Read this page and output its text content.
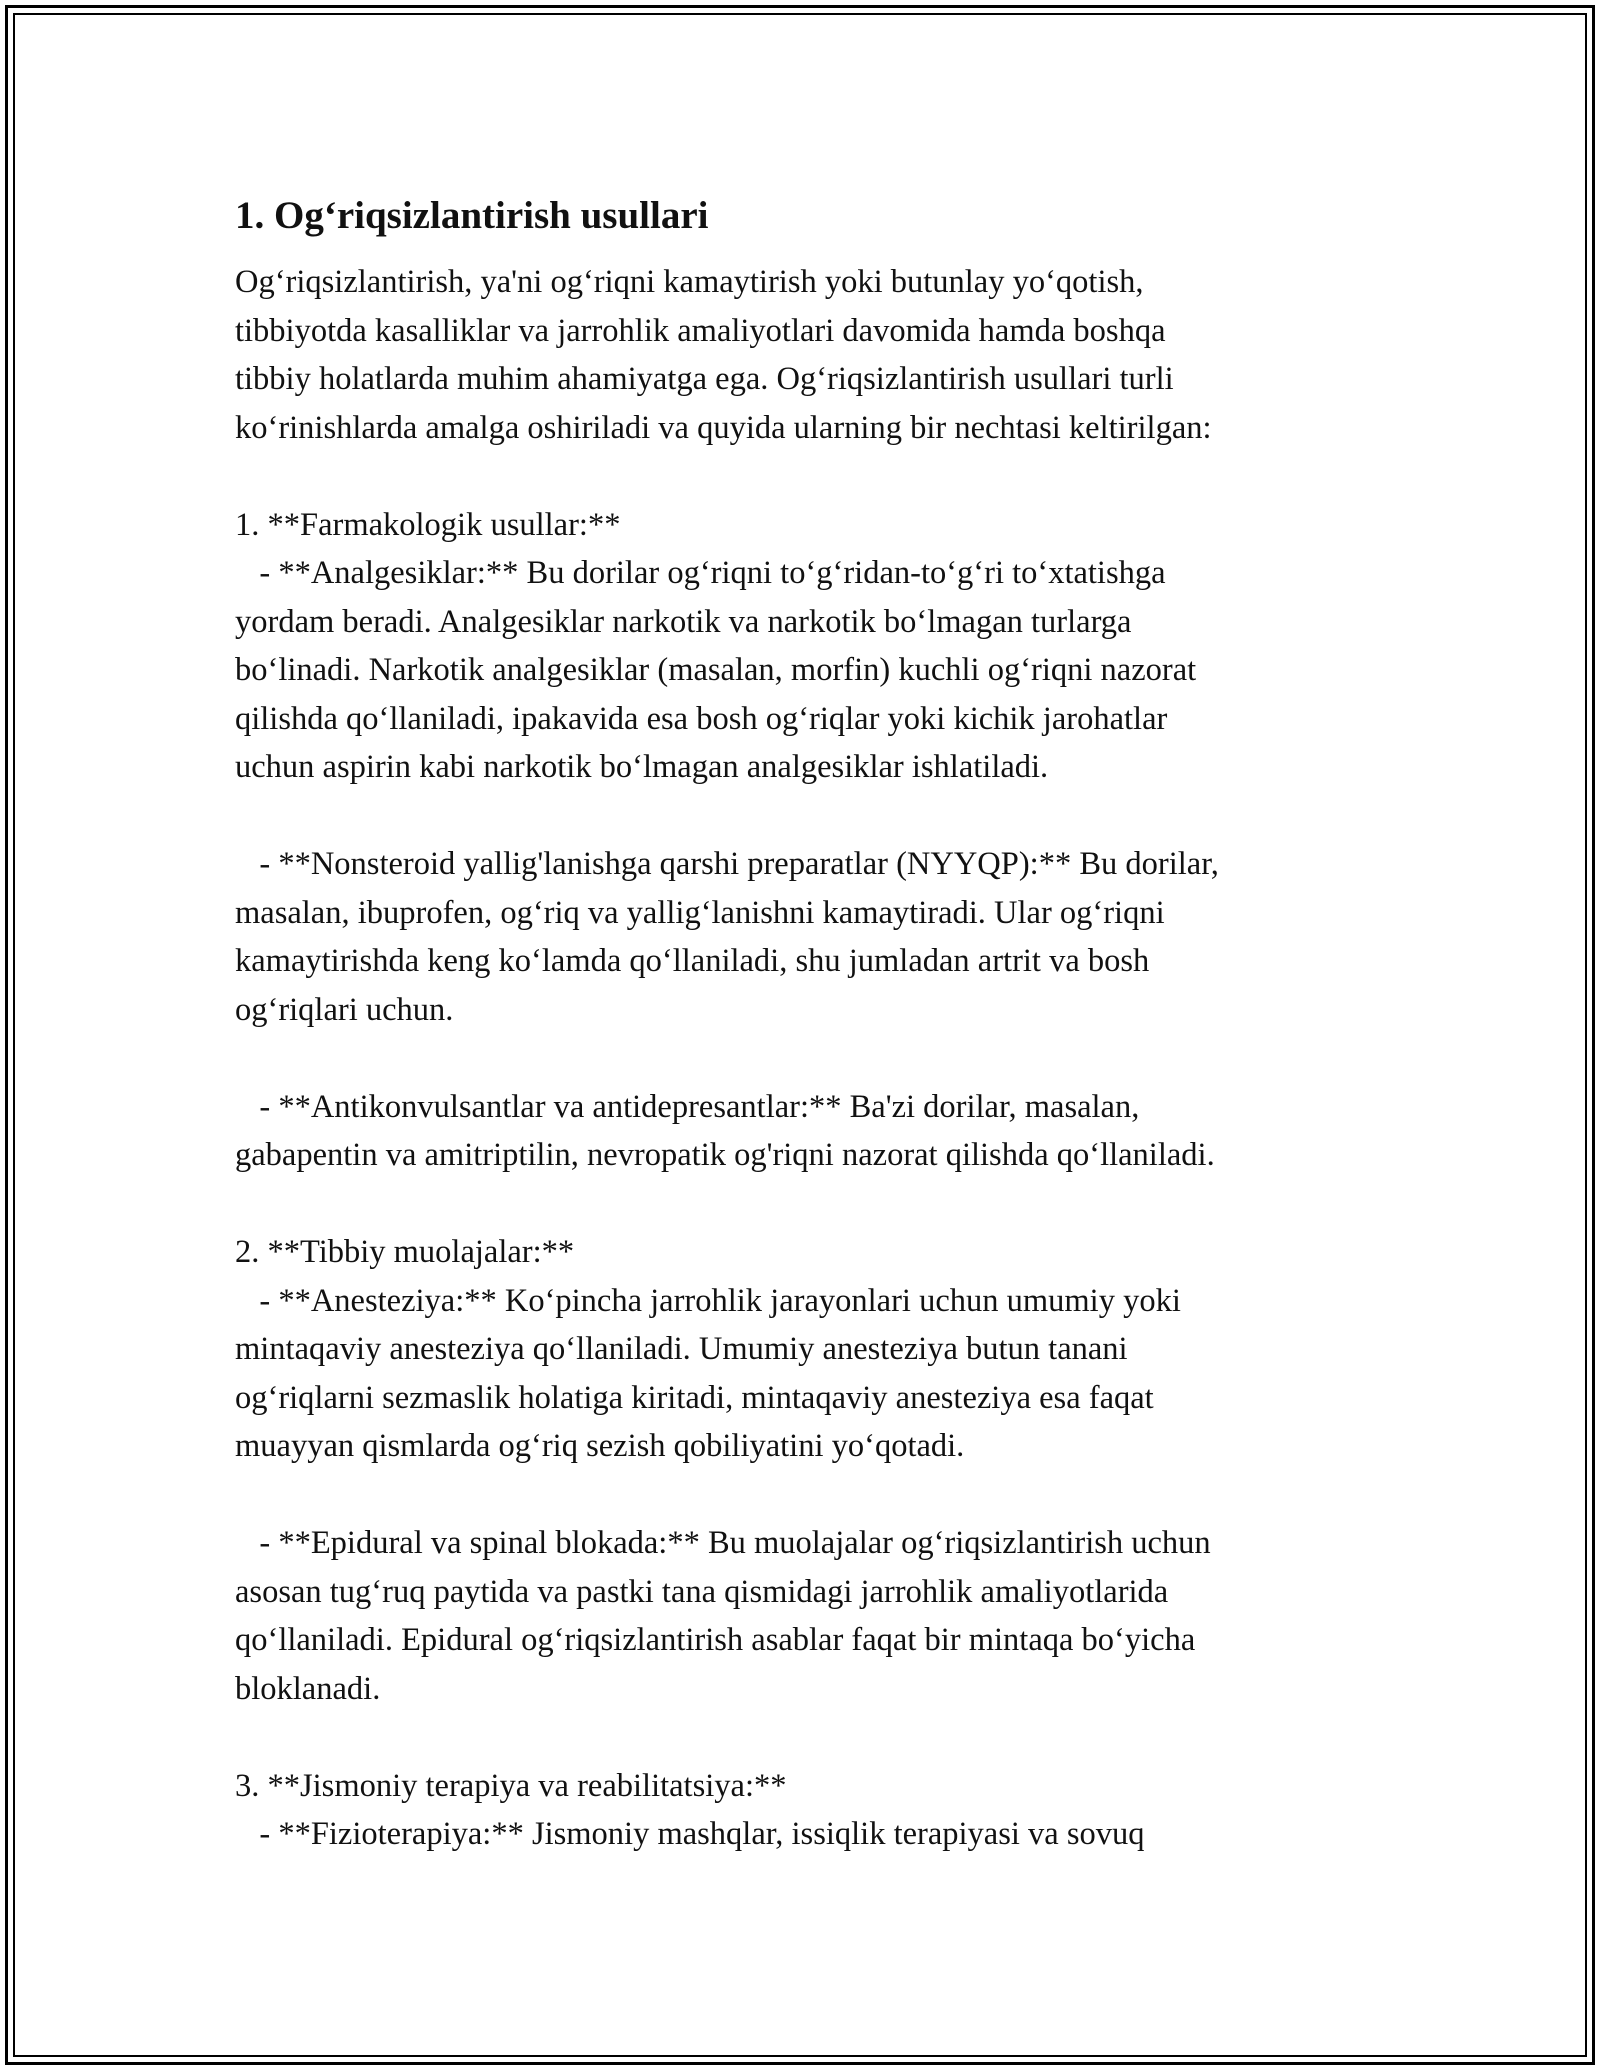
1. Og‘riqsizlantirish usullari
Og‘riqsizlantirish, ya'ni og‘riqni kamaytirish yoki butunlay yo‘qotish,
tibbiyotda kasalliklar va jarrohlik amaliyotlari davomida hamda boshqa
tibbiy holatlarda muhim ahamiyatga ega. Og‘riqsizlantirish usullari turli
ko‘rinishlarda amalga oshiriladi va quyida ularning bir nechtasi keltirilgan:
1. **Farmakologik usullar:**
- **Analgesiklar:** Bu dorilar og‘riqni to‘g‘ridan-to‘g‘ri to‘xtatishga
yordam beradi. Analgesiklar narkotik va narkotik bo‘lmagan turlarga
bo‘linadi. Narkotik analgesiklar (masalan, morfin) kuchli og‘riqni nazorat
qilishda qo‘llaniladi, ipakavida esa bosh og‘riqlar yoki kichik jarohatlar
uchun aspirin kabi narkotik bo‘lmagan analgesiklar ishlatiladi.
- **Nonsteroid yallig'lanishga qarshi preparatlar (NYYQP):** Bu dorilar,
masalan, ibuprofen, og‘riq va yallig‘lanishni kamaytiradi. Ular og‘riqni
kamaytirishda keng ko‘lamda qo‘llaniladi, shu jumladan artrit va bosh
og‘riqlari uchun.
- **Antikonvulsantlar va antidepresantlar:** Ba'zi dorilar, masalan,
gabapentin va amitriptilin, nevropatik og'riqni nazorat qilishda qo‘llaniladi.
2. **Tibbiy muolajalar:**
- **Anesteziya:** Ko‘pincha jarrohlik jarayonlari uchun umumiy yoki
mintaqaviy anesteziya qo‘llaniladi. Umumiy anesteziya butun tanani
og‘riqlarni sezmaslik holatiga kiritadi, mintaqaviy anesteziya esa faqat
muayyan qismlarda og‘riq sezish qobiliyatini yo‘qotadi.
- **Epidural va spinal blokada:** Bu muolajalar og‘riqsizlantirish uchun
asosan tug‘ruq paytida va pastki tana qismidagi jarrohlik amaliyotlarida
qo‘llaniladi. Epidural og‘riqsizlantirish asablar faqat bir mintaqa bo‘yicha
bloklanadi.
3. **Jismoniy terapiya va reabilitatsiya:**
- **Fizioterapiya:** Jismoniy mashqlar, issiqlik terapiyasi va sovuq
